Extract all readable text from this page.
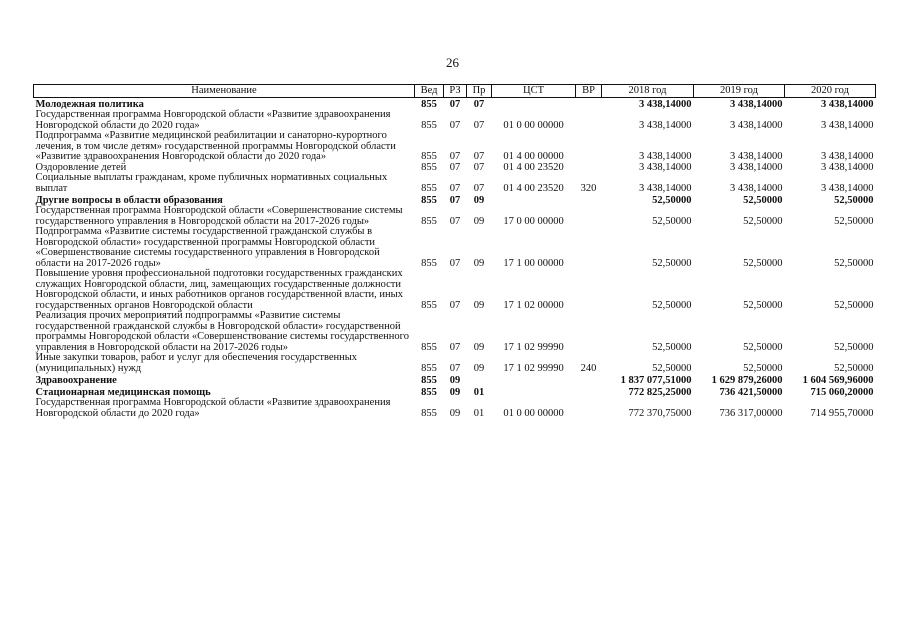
26
Наименование	Вед	РЗ	Пр	ЦСТ	ВР	2018 год	2019 год	2020 год
Молодежная политика	855	07	07			3 438,14000	3 438,14000	3 438,14000
Государственная программа Новгородской области «Развитие здравоохранения Новгородской области до 2020 года»	855	07	07	01 0 00 00000		3 438,14000	3 438,14000	3 438,14000
Подпрограмма «Развитие медицинской реабилитации и санаторно-курортного лечения, в том числе детям» государственной программы Новгородской области «Развитие здравоохранения Новгородской области до 2020 года»	855	07	07	01 4 00 00000		3 438,14000	3 438,14000	3 438,14000
Оздоровление детей	855	07	07	01 4 00 23520		3 438,14000	3 438,14000	3 438,14000
Социальные выплаты гражданам, кроме публичных нормативных социальных выплат	855	07	07	01 4 00 23520	320	3 438,14000	3 438,14000	3 438,14000
Другие вопросы в области образования	855	07	09			52,50000	52,50000	52,50000
Государственная программа Новгородской области «Совершенствование системы государственного управления в Новгородской области на 2017-2026 годы»	855	07	09	17 0 00 00000		52,50000	52,50000	52,50000
Подпрограмма «Развитие системы государственной гражданской службы в Новгородской области» государственной программы Новгородской области «Совершенствование системы государственного управления в Новгородской области на 2017-2026 годы»	855	07	09	17 1 00 00000		52,50000	52,50000	52,50000
Повышение уровня профессиональной подготовки государственных гражданских служащих Новгородской области, лиц, замещающих государственные должности Новгородской области, и иных работников органов государственной власти, иных государственных органов Новгородской области	855	07	09	17 1 02 00000		52,50000	52,50000	52,50000
Реализация прочих мероприятий подпрограммы «Развитие системы государственной гражданской службы в Новгородской области» государственной программы Новгородской области «Совершенствование системы государственного управления в Новгородской области на 2017-2026 годы»	855	07	09	17 1 02 99990		52,50000	52,50000	52,50000
Иные закупки товаров, работ и услуг для обеспечения государственных (муниципальных) нужд	855	07	09	17 1 02 99990	240	52,50000	52,50000	52,50000
Здравоохранение	855	09				1 837 077,51000	1 629 879,26000	1 604 569,96000
Стационарная медицинская помощь	855	09	01			772 825,25000	736 421,50000	715 060,20000
Государственная программа Новгородской области «Развитие здравоохранения Новгородской области до 2020 года»	855	09	01	01 0 00 00000		772 370,75000	736 317,00000	714 955,70000
